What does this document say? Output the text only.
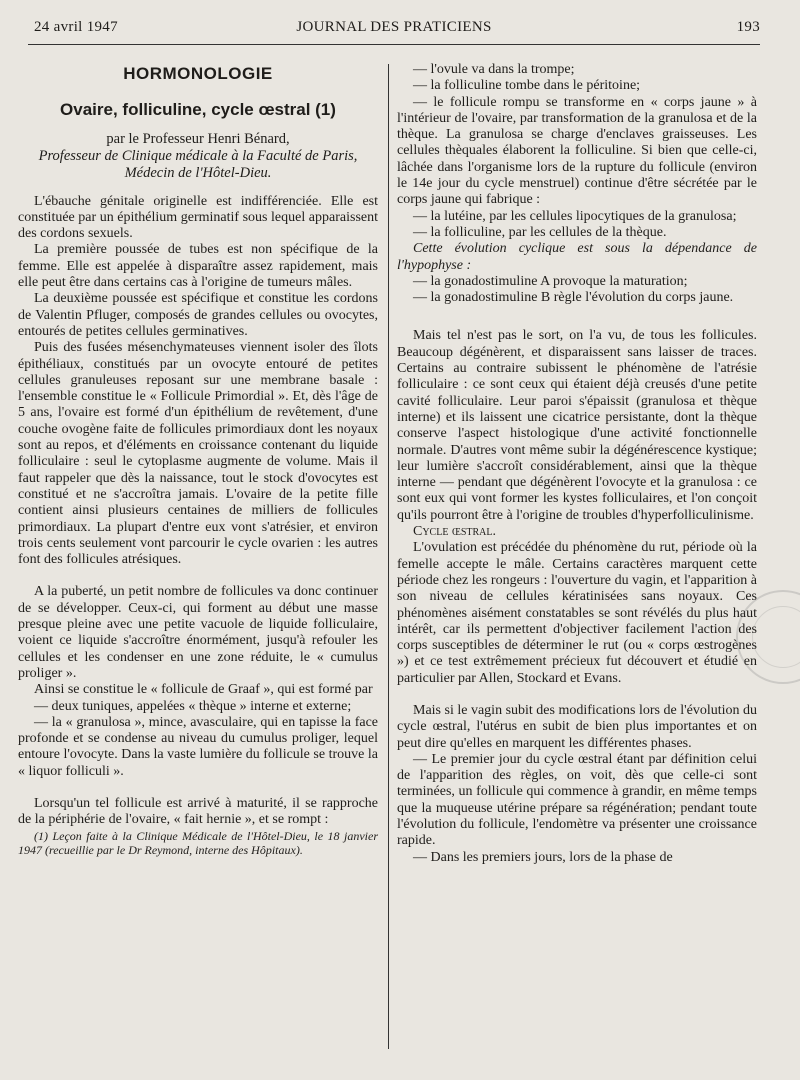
24 avril 1947	JOURNAL DES PRATICIENS	193
HORMONOLOGIE
Ovaire, folliculine, cycle œstral (1)
par le Professeur Henri Bénard,
Professeur de Clinique médicale à la Faculté de Paris,
Médecin de l'Hôtel-Dieu.

L'ébauche génitale originelle est indifférenciée. Elle est constituée par un épithélium germinatif sous lequel apparaissent des cordons sexuels.

La première poussée de tubes est non spécifique de la femme. Elle est appelée à disparaître assez rapidement, mais elle peut être dans certains cas à l'origine de tumeurs mâles.

La deuxième poussée est spécifique et constitue les cordons de Valentin Pfluger, composés de grandes cellules ou ovocytes, entourés de petites cellules germinatives.

Puis des fusées mésenchymateuses viennent isoler des îlots épithéliaux, constitués par un ovocyte entouré de petites cellules granuleuses reposant sur une membrane basale : l'ensemble constitue le « Follicule Primordial ». Et, dès l'âge de 5 ans, l'ovaire est formé d'un épithélium de revêtement, d'une couche ovogène faite de follicules primordiaux dont les noyaux sont au repos, et d'éléments en croissance contenant du liquide folliculaire : seul le cytoplasme augmente de volume. Mais il faut rappeler que dès la naissance, tout le stock d'ovocytes est constitué et ne s'accroîtra jamais. L'ovaire de la petite fille contient ainsi plusieurs centaines de milliers de follicules primordiaux. La plupart d'entre eux vont s'atrésier, et environ trois cents seulement vont parcourir le cycle ovarien : les autres font des follicules atrésiques.

A la puberté, un petit nombre de follicules va donc continuer de se développer. Ceux-ci, qui forment au début une masse presque pleine avec une petite vacuole de liquide folliculaire, voient ce liquide s'accroître énormément, jusqu'à refouler les cellules et les condenser en une zone réduite, le « cumulus proliger ».

Ainsi se constitue le « follicule de Graaf », qui est formé par

— deux tuniques, appelées « thèque » interne et externe;

— la « granulosa », mince, avasculaire, qui en tapisse la face profonde et se condense au niveau du cumulus proliger, lequel entoure l'ovocyte. Dans la vaste lumière du follicule se trouve la « liquor folliculi ».

Lorsqu'un tel follicule est arrivé à maturité, il se rapproche de la périphérie de l'ovaire, « fait hernie », et se rompt :

(1) Leçon faite à la Clinique Médicale de l'Hôtel-Dieu, le 18 janvier 1947 (recueillie par le Dr Reymond, interne des Hôpitaux).

— l'ovule va dans la trompe;

— la folliculine tombe dans le péritoine;

— le follicule rompu se transforme en « corps jaune » à l'intérieur de l'ovaire, par transformation de la granulosa et de la thèque. La granulosa se charge d'enclaves graisseuses. Les cellules thèquales élaborent la folliculine. Si bien que celle-ci, lâchée dans l'organisme lors de la rupture du follicule (environ le 14e jour du cycle menstruel) continue d'être sécrétée par le corps jaune qui fabrique :

— la lutéine, par les cellules lipocytiques de la granulosa;

— la folliculine, par les cellules de la thèque.

Cette évolution cyclique est sous la dépendance de l'hypophyse :

— la gonadostimuline A provoque la maturation;

— la gonadostimuline B règle l'évolution du corps jaune.

Mais tel n'est pas le sort, on l'a vu, de tous les follicules. Beaucoup dégénèrent, et disparaissent sans laisser de traces. Certains au contraire subissent le phénomène de l'atrésie folliculaire : ce sont ceux qui étaient déjà creusés d'une petite cavité folliculaire. Leur paroi s'épaissit (granulosa et thèque interne) et ils laissent une cicatrice persistante, dont la thèque conserve l'aspect histologique d'une activité fonctionnelle normale. D'autres vont même subir la dégénérescence kystique; leur lumière s'accroît considérablement, ainsi que la thèque interne — pendant que dégénèrent l'ovocyte et la granulosa : ce sont eux qui vont former les kystes folliculaires, et l'on conçoit qu'ils pourront être à l'origine de troubles d'hyperfolliculinisme.

Cycle œstral.

L'ovulation est précédée du phénomène du rut, période où la femelle accepte le mâle. Certains caractères marquent cette période chez les rongeurs : l'ouverture du vagin, et l'apparition à son niveau de cellules kératinisées sans noyaux. Ces phénomènes aisément constatables se sont révélés du plus haut intérêt, car ils permettent d'objectiver facilement l'action des corps susceptibles de déterminer le rut (ou « corps œstrogènes ») et ce test extrêmement précieux fut découvert et étudié en particulier par Allen, Stockard et Evans.

Mais si le vagin subit des modifications lors de l'évolution du cycle œstral, l'utérus en subit de bien plus importantes et on peut dire qu'elles en marquent les différentes phases.

— Le premier jour du cycle œstral étant par définition celui de l'apparition des règles, on voit, dès que celle-ci sont terminées, un follicule qui commence à grandir, en même temps que la muqueuse utérine prépare sa régénération; pendant toute l'évolution du follicule, l'endomètre va présenter une croissance rapide.

— Dans les premiers jours, lors de la phase de
